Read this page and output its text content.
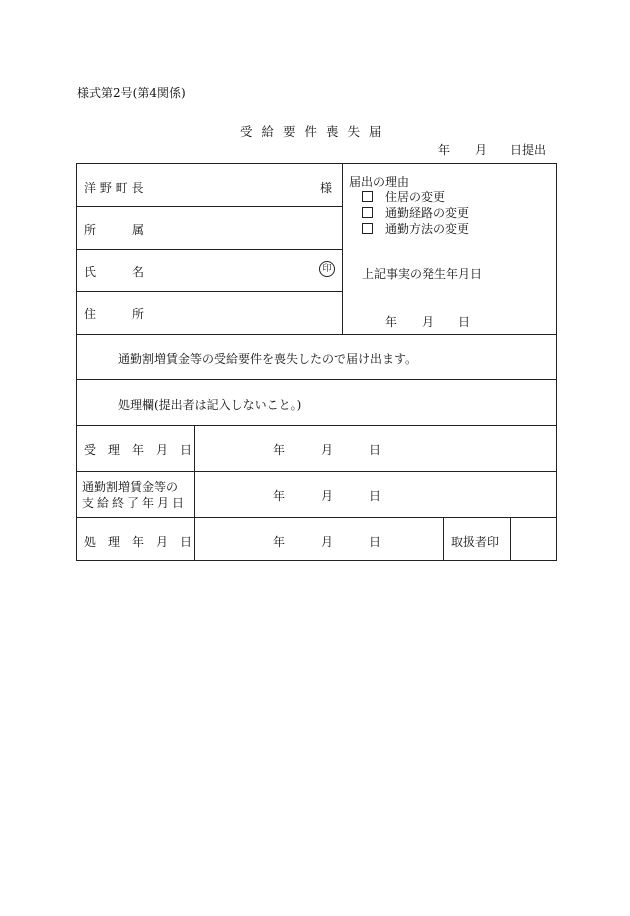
様式第2号(第4関係)
受給要件喪失届
年 月 日提出
洋 野 町 長	様
所　　　属
氏　　　名	印
住　　　所
届出の理由
住居の変更
通勤経路の変更
通勤方法の変更
上記事実の発生年月日
年 月 日
通勤割増賃金等の受給要件を喪失したので届け出ます。
処理欄(提出者は記入しないこと。)
受　理　年　月　日	年	月	日
通勤割増賃金等の
支給終了年月日	年	月	日
処　理　年　月　日	年	月	日	取扱者印
